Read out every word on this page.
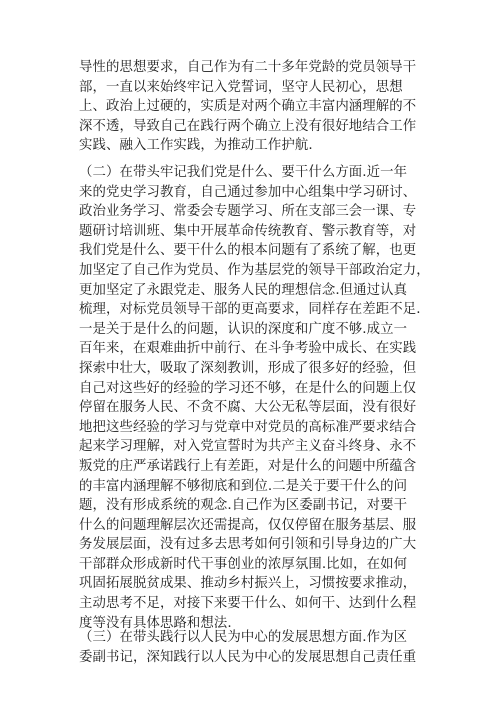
导性的思想要求，自己作为有二十多年党龄的党员领导干
部，一直以来始终牢记入党誓词，坚守人民初心，思想
上、政治上过硬的，实质是对两个确立丰富内涵理解的不
深不透，导致自己在践行两个确立上没有很好地结合工作
实践、融入工作实践，为推动工作护航.
（二）在带头牢记我们党是什么、要干什么方面.近一年
来的党史学习教育，自己通过参加中心组集中学习研讨、
政治业务学习、常委会专题学习、所在支部三会一课、专
题研讨培训班、集中开展革命传统教育、警示教育等，对
我们党是什么、要干什么的根本问题有了系统了解，也更
加坚定了自己作为党员、作为基层党的领导干部政治定力，
更加坚定了永跟党走、服务人民的理想信念.但通过认真
梳理，对标党员领导干部的更高要求，同样存在差距不足.
一是关于是什么的问题，认识的深度和广度不够.成立一
百年来，在艰难曲折中前行、在斗争考验中成长、在实践
探索中壮大，吸取了深刻教训，形成了很多好的经验，但
自己对这些好的经验的学习还不够，在是什么的问题上仅
停留在服务人民、不贪不腐、大公无私等层面，没有很好
地把这些经验的学习与党章中对党员的高标准严要求结合
起来学习理解，对入党宣誓时为共产主义奋斗终身、永不
叛党的庄严承诺践行上有差距，对是什么的问题中所蕴含
的丰富内涵理解不够彻底和到位.二是关于要干什么的问
题，没有形成系统的观念.自己作为区委副书记，对要干
什么的问题理解层次还需提高，仅仅停留在服务基层、服
务发展层面，没有过多去思考如何引领和引导身边的广大
干部群众形成新时代干事创业的浓厚氛围.比如，在如何
巩固拓展脱贫成果、推动乡村振兴上，习惯按要求推动，
主动思考不足，对接下来要干什么、如何干、达到什么程
度等没有具体思路和想法.
（三）在带头践行以人民为中心的发展思想方面.作为区
委副书记，深知践行以人民为中心的发展思想自己责任重
